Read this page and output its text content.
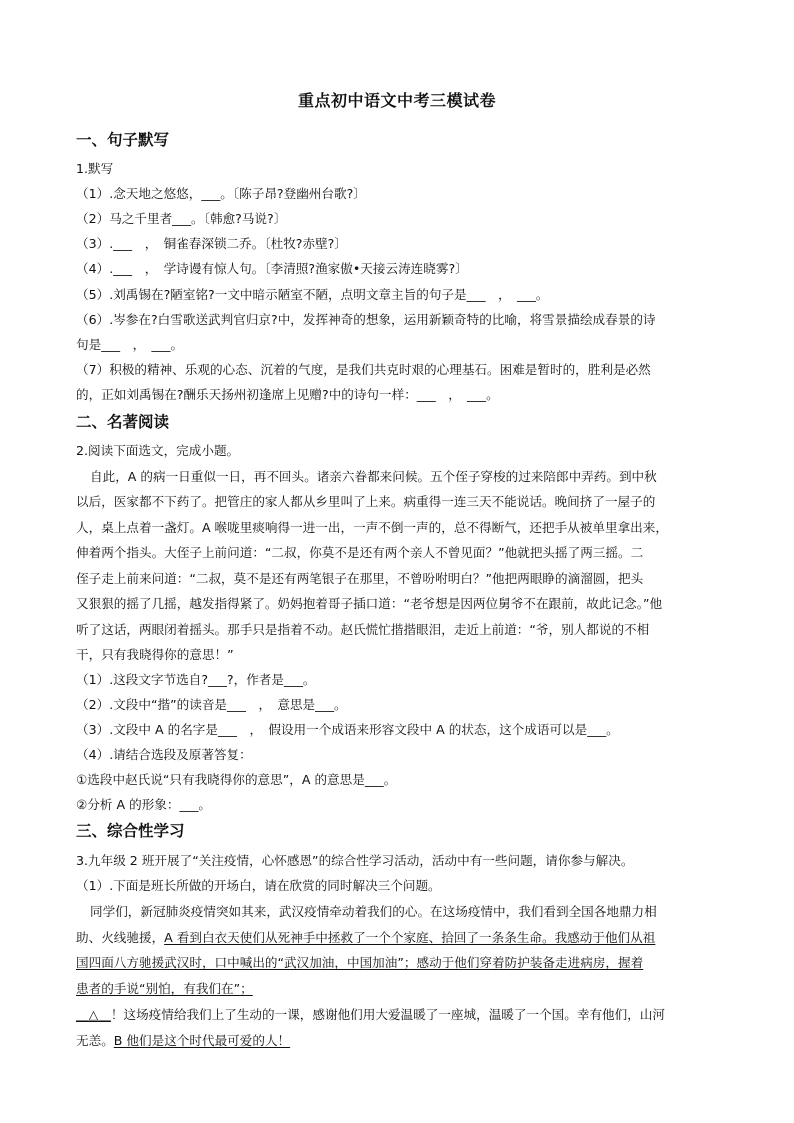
重点初中语文中考三模试卷
一、句子默写
1.默写
（1）.念天地之悠悠，___。〔陈子昂?登幽州台歌?〕
（2）马之千里者___。〔韩愈?马说?〕
（3）.___　，　铜雀春深锁二乔。〔杜牧?赤壁?〕
（4）.___　，　学诗谩有惊人句。〔李清照?渔家傲•天接云涛连晓雾?〕
（5）.刘禹锡在?陋室铭?一文中暗示陋室不陋，点明文章主旨的句子是___　，　___。
（6）.岑参在?白雪歌送武判官归京?中，发挥神奇的想象，运用新颖奇特的比喻，将雪景描绘成春景的诗
句是___　，　___。
（7）积极的精神、乐观的心态、沉着的气度，是我们共克时艰的心理基石。困难是暂时的，胜利是必然
的，正如刘禹锡在?酬乐天扬州初逢席上见赠?中的诗句一样：___　，　___。
二、名著阅读
2.阅读下面选文，完成小题。
自此，A 的病一日重似一日，再不回头。诸亲六眷都来问候。五个侄子穿梭的过来陪郎中弄药。到中秋
以后，医家都不下药了。把管庄的家人都从乡里叫了上来。病重得一连三天不能说话。晚间挤了一屋子的
人，桌上点着一盏灯。A 喉咙里痰响得一进一出，一声不倒一声的，总不得断气，还把手从被单里拿出来，
伸着两个指头。大侄子上前问道：“二叔，你莫不是还有两个亲人不曾见面？”他就把头摇了两三摇。二
侄子走上前来问道：“二叔，莫不是还有两笔银子在那里，不曾吩咐明白？”他把两眼睁的滴溜圆，把头
又狠狠的摇了几摇，越发指得紧了。奶妈抱着哥子插口道：“老爷想是因两位舅爷不在跟前，故此记念。”他
听了这话，两眼闭着摇头。那手只是指着不动。赵氏慌忙揩揩眼泪，走近上前道：“爷，别人都说的不相
干，只有我晓得你的意思！”
（1）.这段文字节选自?___?，作者是___。
（2）.文段中“揩”的读音是___　，　意思是___。
（3）.文段中 A 的名字是___　，　假设用一个成语来形容文段中 A 的状态，这个成语可以是___。
（4）.请结合选段及原著答复：
①选段中赵氏说“只有我晓得你的意思”，A 的意思是___。
②分析 A 的形象：___。
三、综合性学习
3.九年级 2 班开展了“关注疫情，心怀感恩”的综合性学习活动，活动中有一些问题，请你参与解决。
（1）.下面是班长所做的开场白，请在欣赏的同时解决三个问题。
同学们，新冠肺炎疫情突如其来，武汉疫情牵动着我们的心。在这场疫情中，我们看到全国各地鼎力相
助、火线驰援，A 看到白衣天使们从死神手中拯救了一个个家庭、拾回了一条条生命。我感动于他们从祖
国四面八方驰援武汉时，口中喊出的“武汉加油，中国加油”；感动于他们穿着防护装备走进病房，握着
患者的手说“别怕，有我们在”；
＿△＿！这场疫情给我们上了生动的一课，感谢他们用大爱温暖了一座城，温暖了一个国。幸有他们，山河
无恙。B 他们是这个时代最可爱的人！
